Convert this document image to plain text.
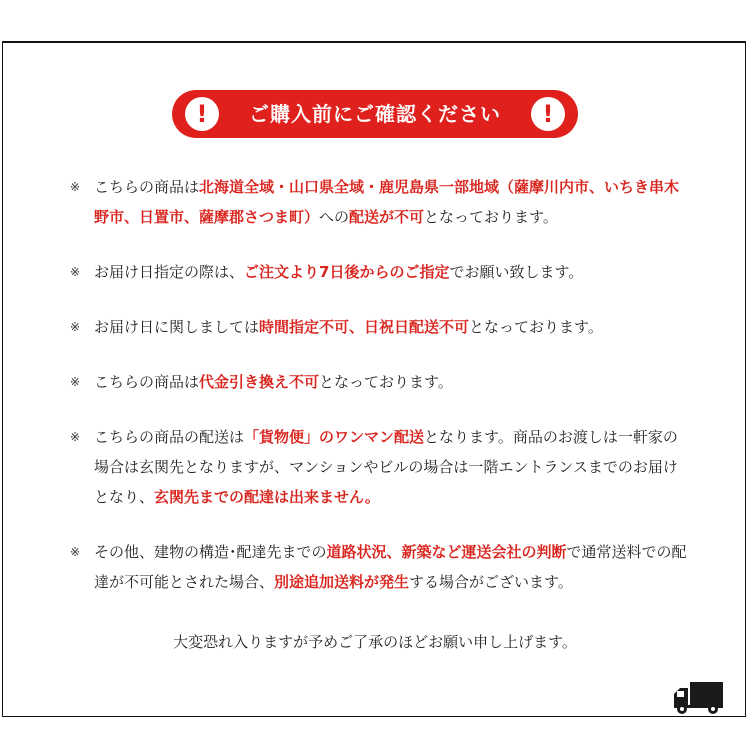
!	ご購入前にご確認ください	!
※ こちらの商品は北海道全域・山口県全域・鹿児島県一部地域（薩摩川内市、いちき串木野市、日置市、薩摩郡さつま町）への配送が不可となっております。
※ お届け日指定の際は、ご注文より7日後からのご指定でお願い致します。
※ お届け日に関しましては時間指定不可、日祝日配送不可となっております。
※ こちらの商品は代金引き換え不可となっております。
※ こちらの商品の配送は「貨物便」のワンマン配送となります。商品のお渡しは一軒家の場合は玄関先となりますが、マンションやビルの場合は一階エントランスまでのお届けとなり、玄関先までの配達は出来ません。
※ その他、建物の構造･配達先までの道路状況、新築など運送会社の判断で通常送料での配達が不可能とされた場合、別途追加送料が発生する場合がございます。
大変恐れ入りますが予めご了承のほどお願い申し上げます。
